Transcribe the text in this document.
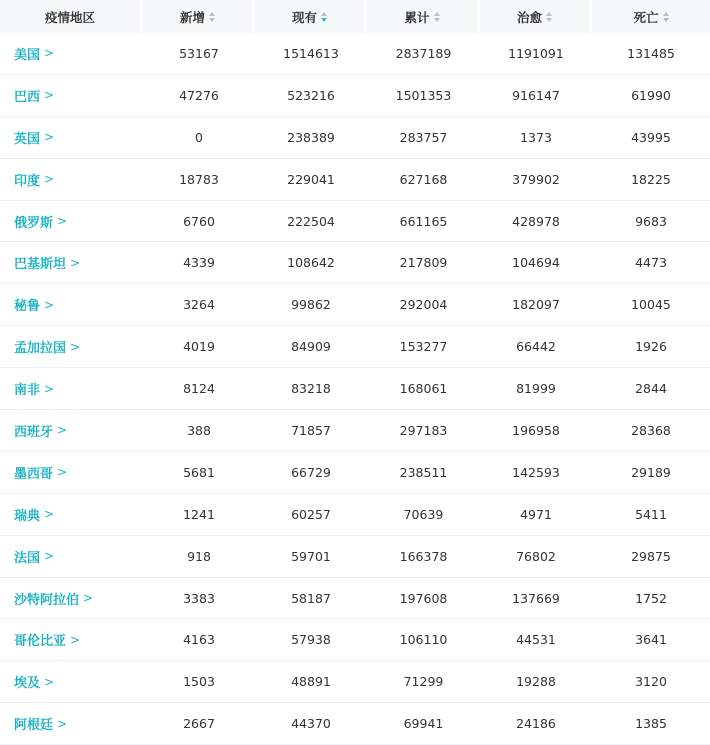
疫情地区	新增	现有	累计	治愈	死亡
美国 >	53167	1514613	2837189	1191091	131485
巴西 >	47276	523216	1501353	916147	61990
英国 >	0	238389	283757	1373	43995
印度 >	18783	229041	627168	379902	18225
俄罗斯 >	6760	222504	661165	428978	9683
巴基斯坦 >	4339	108642	217809	104694	4473
秘鲁 >	3264	99862	292004	182097	10045
孟加拉国 >	4019	84909	153277	66442	1926
南非 >	8124	83218	168061	81999	2844
西班牙 >	388	71857	297183	196958	28368
墨西哥 >	5681	66729	238511	142593	29189
瑞典 >	1241	60257	70639	4971	5411
法国 >	918	59701	166378	76802	29875
沙特阿拉伯 >	3383	58187	197608	137669	1752
哥伦比亚 >	4163	57938	106110	44531	3641
埃及 >	1503	48891	71299	19288	3120
阿根廷 >	2667	44370	69941	24186	1385
